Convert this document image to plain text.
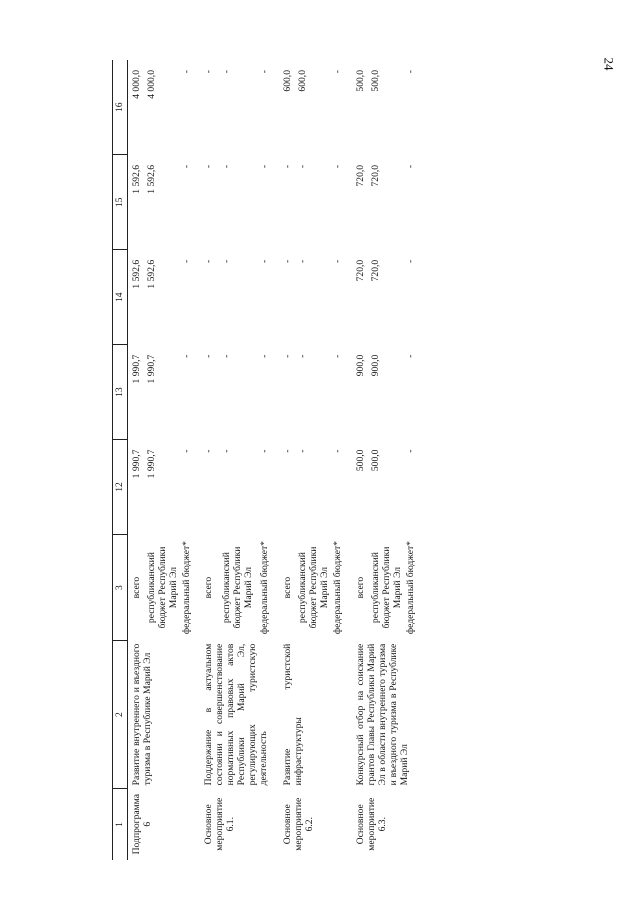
24
1	2	3	12	13	14	15	16
Подпрограмма 6	Развитие внутреннего и въездного туризма в Республике Марий Эл	всего	1 990,7	1 990,7	1 592,6	1 592,6	4 000,0
		республиканский бюджет Республики Марий Эл	1 990,7	1 990,7	1 592,6	1 592,6	4 000,0
		федеральный бюджет*	-	-	-	-	-
Основное мероприятие 6.1.	Поддержание в актуальном состоянии и совершенствование нормативных правовых актов Республики Марий Эл, регулирующих туристскую деятельность	всего	-	-	-	-	-
		республиканский бюджет Республики Марий Эл	-	-	-	-	-
		федеральный бюджет*	-	-	-	-	-
Основное мероприятие 6.2.	Развитие туристской инфраструктуры	всего	-	-	-	-	600,0
		республиканский бюджет Республики Марий Эл	-	-	-	-	600,0
		федеральный бюджет*	-	-	-	-	-
Основное мероприятие 6.3.	Конкурсный отбор на соискание грантов Главы Республики Марий Эл в области внутреннего туризма и въездного туризма в Республике Марий Эл	всего	500,0	900,0	720,0	720,0	500,0
		республиканский бюджет Республики Марий Эл	500,0	900,0	720,0	720,0	500,0
		федеральный бюджет*	-	-	-	-	-
